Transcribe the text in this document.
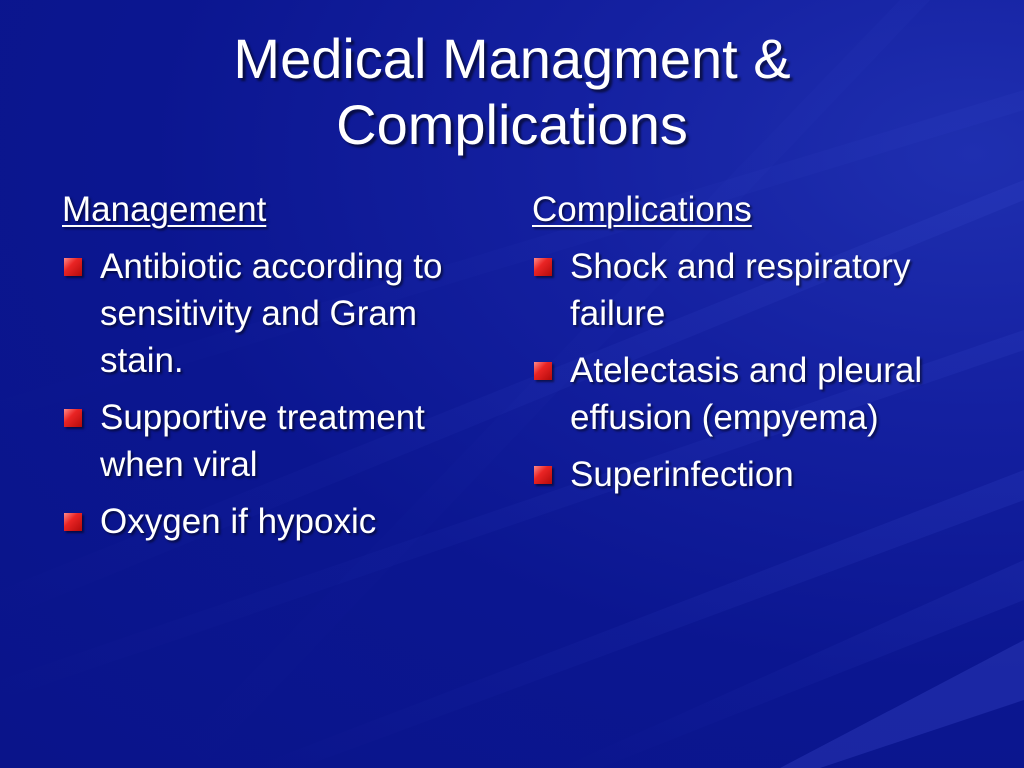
Medical Managment &
Complications
Management
Antibiotic according to sensitivity and Gram stain.
Supportive treatment when viral
Oxygen if hypoxic
Complications
Shock and respiratory failure
Atelectasis and pleural effusion (empyema)
Superinfection
